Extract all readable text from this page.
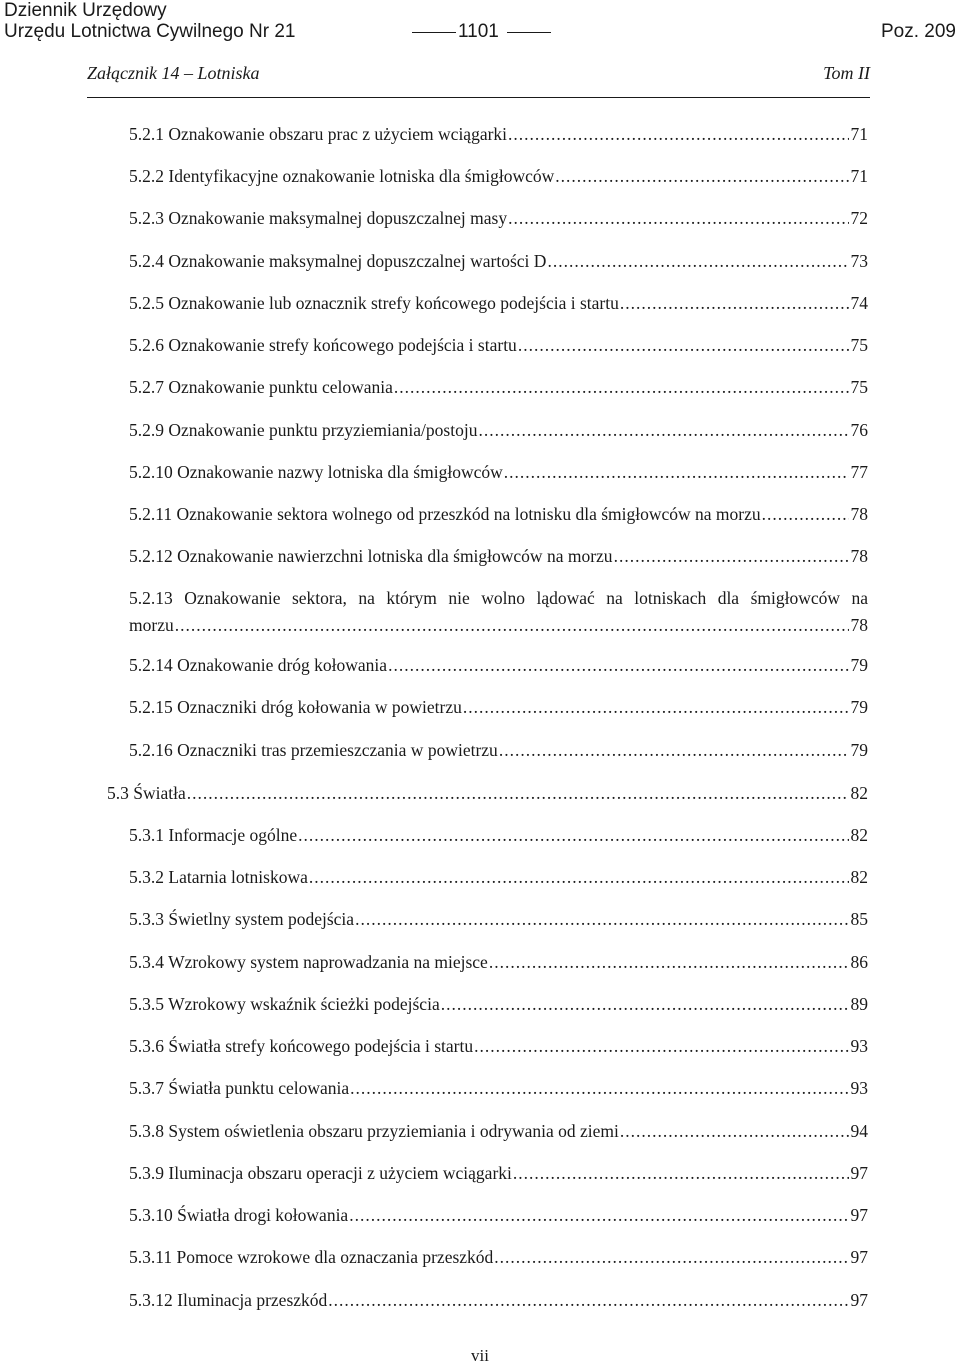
Dziennik Urzędowy
Urzędu Lotnictwa Cywilnego Nr 21	1101	Poz. 209
Załącznik 14 – Lotniska	Tom II
5.2.1 Oznakowanie obszaru prac z użyciem wciągarki .....	71
5.2.2 Identyfikacyjne oznakowanie lotniska dla śmigłowców .....	71
5.2.3 Oznakowanie maksymalnej dopuszczalnej masy .....	72
5.2.4 Oznakowanie maksymalnej dopuszczalnej wartości D .....	73
5.2.5 Oznakowanie lub oznacznik strefy końcowego podejścia i startu .....	74
5.2.6 Oznakowanie strefy końcowego podejścia i startu .....	75
5.2.7 Oznakowanie punktu celowania .....	75
5.2.9 Oznakowanie punktu przyziemiania/postoju .....	76
5.2.10 Oznakowanie nazwy lotniska dla śmigłowców .....	77
5.2.11 Oznakowanie sektora wolnego od przeszkód na lotnisku dla śmigłowców na morzu .....	78
5.2.12 Oznakowanie nawierzchni lotniska dla śmigłowców na morzu .....	78
5.2.13 Oznakowanie sektora, na którym nie wolno lądować na lotniskach dla śmigłowców na
morzu .....	78
5.2.14 Oznakowanie dróg kołowania .....	79
5.2.15 Oznaczniki dróg kołowania w powietrzu .....	79
5.2.16 Oznaczniki tras przemieszczania w powietrzu .....	79
5.3 Światła .....	82
5.3.1 Informacje ogólne .....	82
5.3.2 Latarnia lotniskowa .....	82
5.3.3 Świetlny system podejścia .....	85
5.3.4 Wzrokowy system naprowadzania na miejsce .....	86
5.3.5 Wzrokowy wskaźnik ścieżki podejścia .....	89
5.3.6 Światła strefy końcowego podejścia i startu .....	93
5.3.7 Światła punktu celowania .....	93
5.3.8 System oświetlenia obszaru przyziemiania i odrywania od ziemi .....	94
5.3.9 Iluminacja obszaru operacji z użyciem wciągarki .....	97
5.3.10 Światła drogi kołowania .....	97
5.3.11 Pomoce wzrokowe dla oznaczania przeszkód .....	97
5.3.12 Iluminacja przeszkód .....	97
vii
